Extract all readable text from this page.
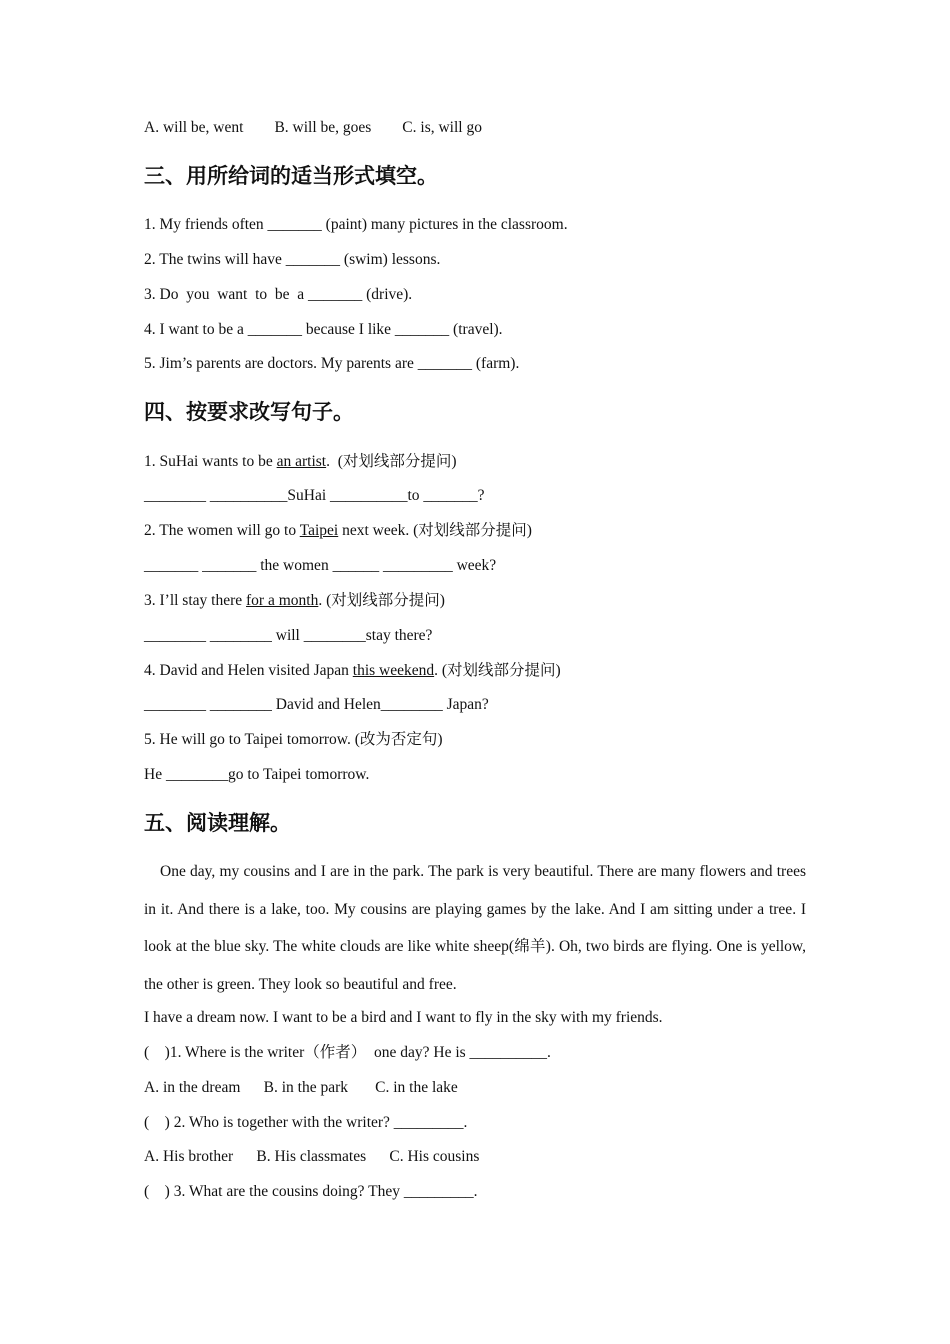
A. will be, went        B. will be, goes        C. is, will go
三、用所给词的适当形式填空。
1. My friends often _______ (paint) many pictures in the classroom.
2. The twins will have _______ (swim) lessons.
3. Do  you  want  to  be  a _______ (drive).
4. I want to be a _______ because I like _______ (travel).
5. Jim’s parents are doctors. My parents are _______ (farm).
四、按要求改写句子。
1. SuHai wants to be an artist.  (对划线部分提问)
________ __________SuHai __________to _______?
2. The women will go to Taipei next week. (对划线部分提问)
_______ _______ the women ______ _________ week?
3. I’ll stay there for a month. (对划线部分提问)
________ ________ will ________stay there?
4. David and Helen visited Japan this weekend. (对划线部分提问)
________ ________ David and Helen________ Japan?
5. He will go to Taipei tomorrow. (改为否定句)
He ________go to Taipei tomorrow.
五、阅读理解。
One day, my cousins and I are in the park. The park is very beautiful. There are many flowers and trees in it. And there is a lake, too. My cousins are playing games by the lake. And I am sitting under a tree. I look at the blue sky. The white clouds are like white sheep(绵羊). Oh, two birds are flying. One is yellow, the other is green. They look so beautiful and free.
I have a dream now. I want to be a bird and I want to fly in the sky with my friends.
(    )1. Where is the writer（作者）  one day? He is __________.
A. in the dream      B. in the park       C. in the lake
(    ) 2. Who is together with the writer? _________.
A. His brother      B. His classmates      C. His cousins
(    ) 3. What are the cousins doing? They _________.
